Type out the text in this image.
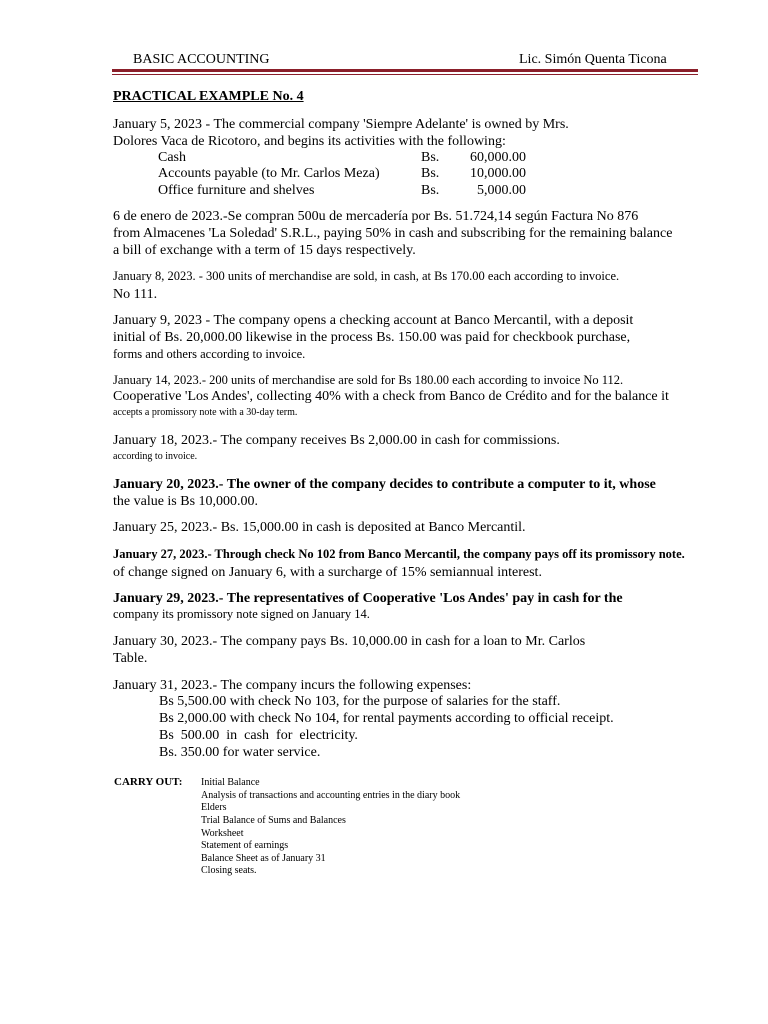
BASIC ACCOUNTING	Lic. Simón Quenta Ticona
PRACTICAL EXAMPLE No. 4
January 5, 2023 - The commercial company 'Siempre Adelante' is owned by Mrs.
Dolores Vaca de Ricotoro, and begins its activities with the following:
Cash	Bs.	60,000.00
Accounts payable (to Mr. Carlos Meza)	Bs.	10,000.00
Office furniture and shelves	Bs.	5,000.00
6 de enero de 2023.-Se compran 500u de mercadería por Bs. 51.724,14 según Factura No 876
from Almacenes 'La Soledad' S.R.L., paying 50% in cash and subscribing for the remaining balance
a bill of exchange with a term of 15 days respectively.
January 8, 2023. - 300 units of merchandise are sold, in cash, at Bs 170.00 each according to invoice.
No 111.
January 9, 2023 - The company opens a checking account at Banco Mercantil, with a deposit
initial of Bs. 20,000.00 likewise in the process Bs. 150.00 was paid for checkbook purchase,
forms and others according to invoice.
January 14, 2023.- 200 units of merchandise are sold for Bs 180.00 each according to invoice No 112.
Cooperative 'Los Andes', collecting 40% with a check from Banco de Crédito and for the balance it
accepts a promissory note with a 30-day term.
January 18, 2023.- The company receives Bs 2,000.00 in cash for commissions.
according to invoice.
January 20, 2023.- The owner of the company decides to contribute a computer to it, whose
the value is Bs 10,000.00.
January 25, 2023.- Bs. 15,000.00 in cash is deposited at Banco Mercantil.
January 27, 2023.- Through check No 102 from Banco Mercantil, the company pays off its promissory note.
of change signed on January 6, with a surcharge of 15% semiannual interest.
January 29, 2023.- The representatives of Cooperative 'Los Andes' pay in cash for the
company its promissory note signed on January 14.
January 30, 2023.- The company pays Bs. 10,000.00 in cash for a loan to Mr. Carlos
Table.
January 31, 2023.- The company incurs the following expenses:
Bs 5,500.00 with check No 103, for the purpose of salaries for the staff.
Bs 2,000.00 with check No 104, for rental payments according to official receipt.
Bs  500.00  in  cash  for  electricity.
Bs. 350.00 for water service.
CARRY OUT: Initial Balance
Analysis of transactions and accounting entries in the diary book
Elders
Trial Balance of Sums and Balances
Worksheet
Statement of earnings
Balance Sheet as of January 31
Closing seats.
